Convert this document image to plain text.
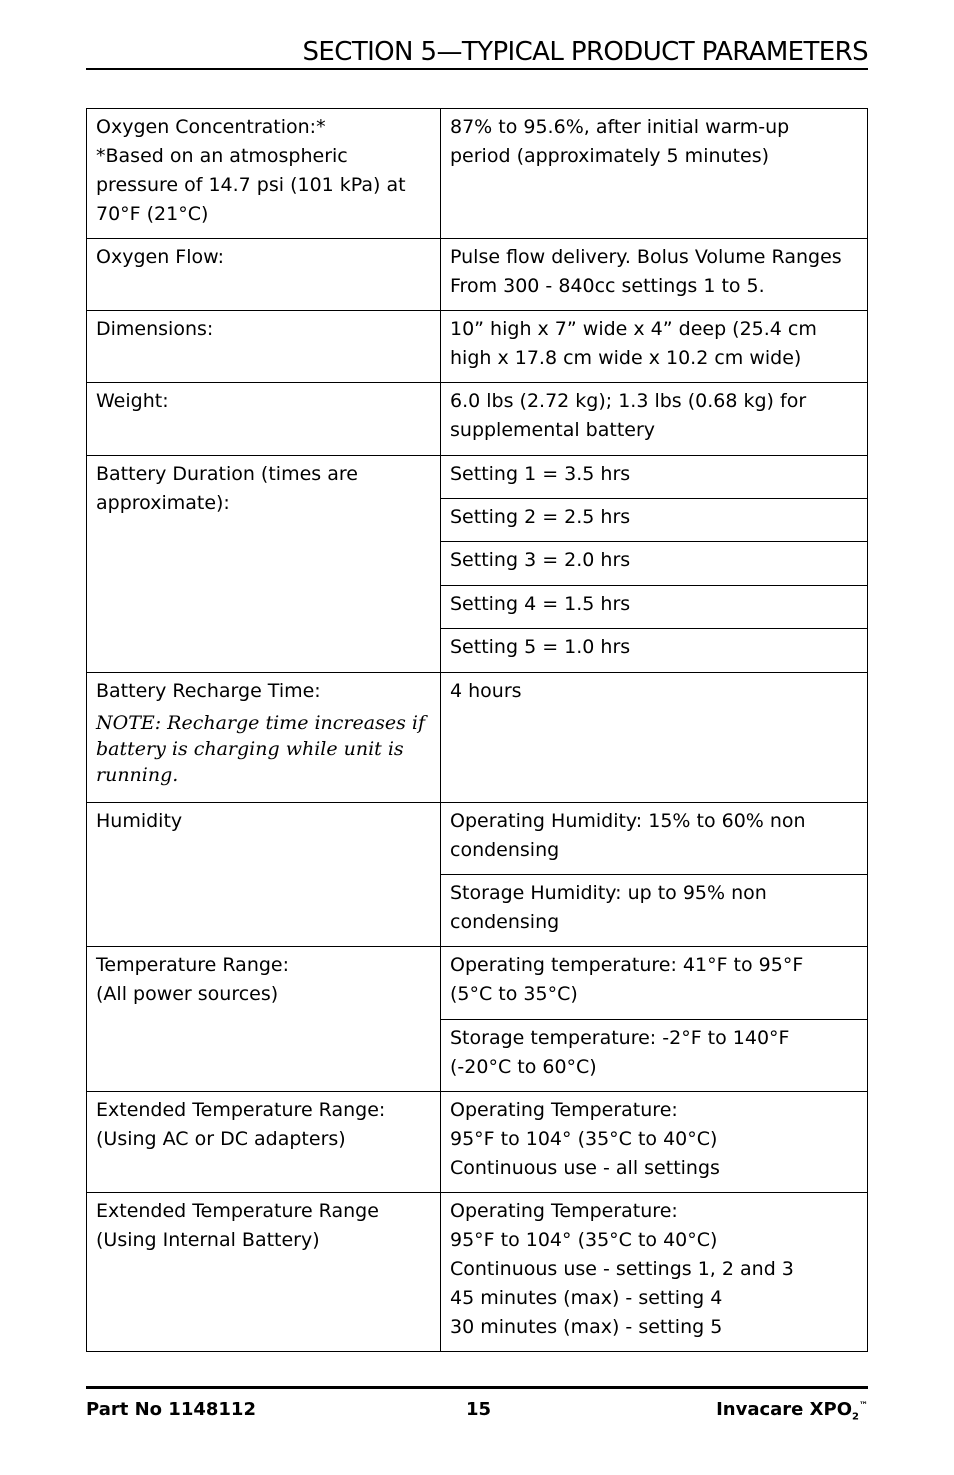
SECTION 5—TYPICAL PRODUCT PARAMETERS
Oxygen Concentration:*
*Based on an atmospheric
pressure of 14.7 psi (101 kPa) at
70°F (21°C)	87% to 95.6%, after initial warm-up
period (approximately 5 minutes)

Oxygen Flow:	Pulse flow delivery. Bolus Volume Ranges
From 300 - 840cc settings 1 to 5.

Dimensions:	10” high x 7” wide x 4” deep (25.4 cm
high x 17.8 cm wide x 10.2 cm wide)

Weight:	6.0 lbs (2.72 kg); 1.3 lbs (0.68 kg) for
supplemental battery

Battery Duration (times are
approximate):	Setting 1 = 3.5 hrs
	Setting 2 = 2.5 hrs
	Setting 3 = 2.0 hrs
	Setting 4 = 1.5 hrs
	Setting 5 = 1.0 hrs

Battery Recharge Time:
NOTE: Recharge time increases if battery is charging while unit is running.	4 hours
Humidity	Operating Humidity: 15% to 60% non
condensing

	Storage Humidity: up to 95% non
condensing

Temperature Range:
(All power sources)	Operating temperature: 41°F to 95°F
(5°C to 35°C)

	Storage temperature: -2°F to 140°F
(-20°C to 60°C)

Extended Temperature Range:
(Using AC or DC adapters)	Operating Temperature:
95°F to 104° (35°C to 40°C)
Continuous use - all settings

Extended Temperature Range
(Using Internal Battery)	Operating Temperature:
95°F to 104° (35°C to 40°C)
Continuous use - settings 1, 2 and 3
45 minutes (max) - setting 4
30 minutes (max) - setting 5
Part No 1148112	15	Invacare $XPO_2™$
